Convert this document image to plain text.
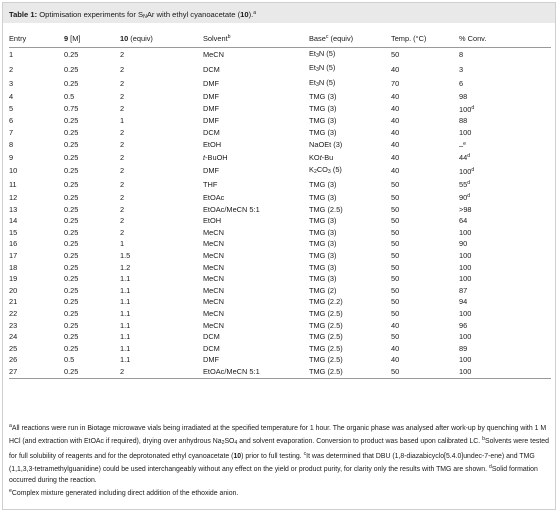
Table 1: Optimisation experiments for $S_NAr$ with ethyl cyanoacetate (10).$^a$
Entry	9 [M]	10 (equiv)	Solvent$^b$	Base$^c$ (equiv)	Temp. (°C)	% Conv.
1	0.25	2	MeCN	$Et_3N$ (5)	50	8
2	0.25	2	DCM	$Et_3N$ (5)	40	3
3	0.25	2	DMF	$Et_3N$ (5)	70	6
4	0.5	2	DMF	TMG (3)	40	98
5	0.75	2	DMF	TMG (3)	40	100$^d$
6	0.25	1	DMF	TMG (3)	40	88
7	0.25	2	DCM	TMG (3)	40	100
8	0.25	2	EtOH	NaOEt (3)	40	–$^e$
9	0.25	2	t-BuOH	KOt-Bu	40	44$^d$
10	0.25	2	DMF	$K_2CO_3$ (5)	40	100$^d$
11	0.25	2	THF	TMG (3)	50	55$^d$
12	0.25	2	EtOAc	TMG (3)	50	90$^d$
13	0.25	2	EtOAc/MeCN 5:1	TMG (2.5)	50	>98
14	0.25	2	EtOH	TMG (3)	50	64
15	0.25	2	MeCN	TMG (3)	50	100
16	0.25	1	MeCN	TMG (3)	50	90
17	0.25	1.5	MeCN	TMG (3)	50	100
18	0.25	1.2	MeCN	TMG (3)	50	100
19	0.25	1.1	MeCN	TMG (3)	50	100
20	0.25	1.1	MeCN	TMG (2)	50	87
21	0.25	1.1	MeCN	TMG (2.2)	50	94
22	0.25	1.1	MeCN	TMG (2.5)	50	100
23	0.25	1.1	MeCN	TMG (2.5)	40	96
24	0.25	1.1	DCM	TMG (2.5)	50	100
25	0.25	1.1	DCM	TMG (2.5)	40	89
26	0.5	1.1	DMF	TMG (2.5)	40	100
27	0.25	2	EtOAc/MeCN 5:1	TMG (2.5)	50	100

$^a$All reactions were run in Biotage microwave vials being irradiated at the specified temperature for 1 hour. The organic phase was analysed after work-up by quenching with 1 M HCl (and extraction with EtOAc if required), drying over anhydrous $Na_2SO_4$ and solvent evaporation. Conversion to product was based upon calibrated LC. $^b$Solvents were tested for full solubility of reagents and for the deprotonated ethyl cyanoacetate (10) prior to full testing. $^c$It was determined that DBU (1,8-diazabicyclo[5.4.0]undec-7-ene) and TMG (1,1,3,3-tetramethylguanidine) could be used interchangeably without any effect on the yield or product purity, for clarity only the results with TMG are shown. $^d$Solid formation occurred during the reaction.

$^e$Complex mixture generated including direct addition of the ethoxide anion.
